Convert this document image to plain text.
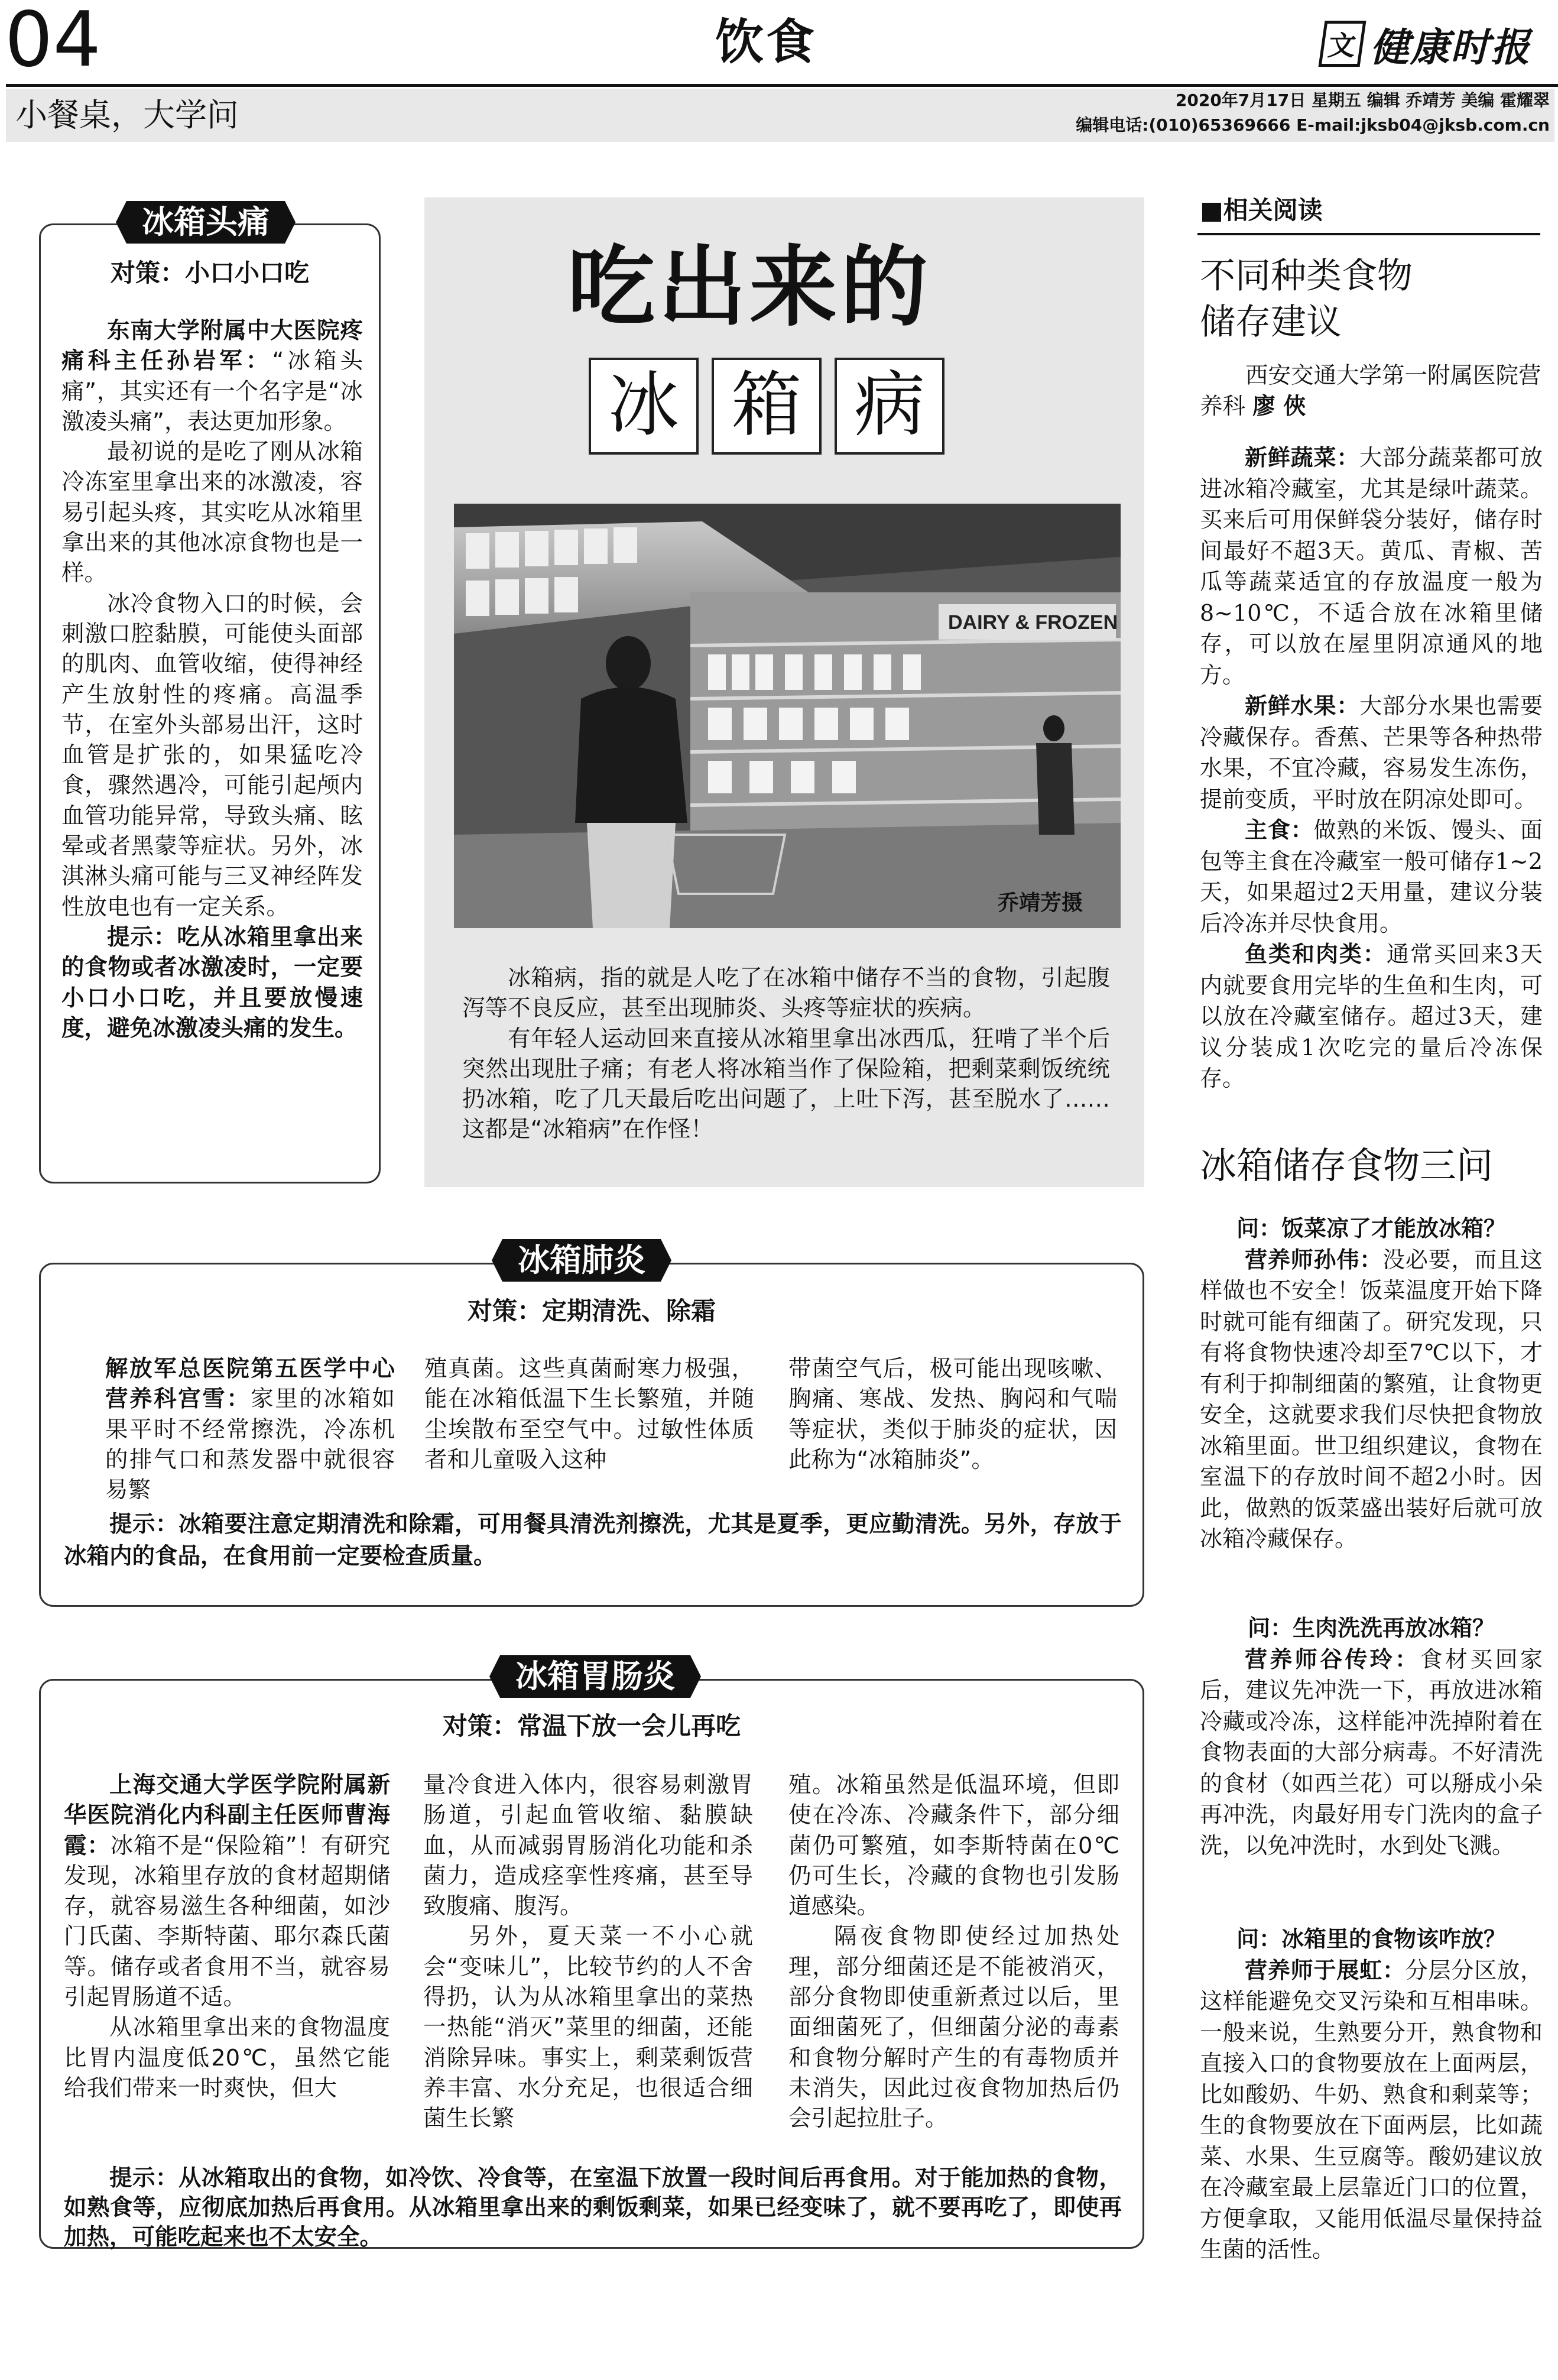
04	饮食	文 健康时报
小餐桌，大学问	2020年7月17日 星期五 编辑 乔靖芳 美编 霍耀翠
编辑电话:(010)65369666 E-mail:jksb04@jksb.com.cn
冰箱头痛
对策：小口小口吃

东南大学附属中大医院疼痛科主任孙岩军：“冰箱头痛”，其实还有一个名字是“冰激凌头痛”，表达更加形象。

最初说的是吃了刚从冰箱冷冻室里拿出来的冰激凌，容易引起头疼，其实吃从冰箱里拿出来的其他冰凉食物也是一样。

冰冷食物入口的时候，会刺激口腔黏膜，可能使头面部的肌肉、血管收缩，使得神经产生放射性的疼痛。高温季节，在室外头部易出汗，这时血管是扩张的，如果猛吃冷食，骤然遇冷，可能引起颅内血管功能异常，导致头痛、眩晕或者黑蒙等症状。另外，冰淇淋头痛可能与三叉神经阵发性放电也有一定关系。

提示：吃从冰箱里拿出来的食物或者冰激凌时，一定要小口小口吃，并且要放慢速度，避免冰激凌头痛的发生。

吃出来的
冰 箱 病
DAIRY & FROZEN
乔靖芳摄

冰箱病，指的就是人吃了在冰箱中储存不当的食物，引起腹泻等不良反应，甚至出现肺炎、头疼等症状的疾病。

有年轻人运动回来直接从冰箱里拿出冰西瓜，狂啃了半个后突然出现肚子痛；有老人将冰箱当作了保险箱，把剩菜剩饭统统扔冰箱，吃了几天最后吃出问题了，上吐下泻，甚至脱水了……这都是“冰箱病”在作怪！

冰箱肺炎
对策：定期清洗、除霜

解放军总医院第五医学中心营养科宫雪：家里的冰箱如果平时不经常擦洗，冷冻机的排气口和蒸发器中就很容易繁

殖真菌。这些真菌耐寒力极强，能在冰箱低温下生长繁殖，并随尘埃散布至空气中。过敏性体质者和儿童吸入这种

带菌空气后，极可能出现咳嗽、胸痛、寒战、发热、胸闷和气喘等症状，类似于肺炎的症状，因此称为“冰箱肺炎”。

提示：冰箱要注意定期清洗和除霜，可用餐具清洗剂擦洗，尤其是夏季，更应勤清洗。另外，存放于冰箱内的食品，在食用前一定要检查质量。
冰箱胃肠炎
对策：常温下放一会儿再吃

上海交通大学医学院附属新华医院消化内科副主任医师曹海霞：冰箱不是“保险箱”！有研究发现，冰箱里存放的食材超期储存，就容易滋生各种细菌，如沙门氏菌、李斯特菌、耶尔森氏菌等。储存或者食用不当，就容易引起胃肠道不适。

从冰箱里拿出来的食物温度比胃内温度低20℃，虽然它能给我们带来一时爽快，但大

量冷食进入体内，很容易刺激胃肠道，引起血管收缩、黏膜缺血，从而减弱胃肠消化功能和杀菌力，造成痉挛性疼痛，甚至导致腹痛、腹泻。

另外，夏天菜一不小心就会“变味儿”，比较节约的人不舍得扔，认为从冰箱里拿出的菜热一热能“消灭”菜里的细菌，还能消除异味。事实上，剩菜剩饭营养丰富、水分充足，也很适合细菌生长繁

殖。冰箱虽然是低温环境，但即使在冷冻、冷藏条件下，部分细菌仍可繁殖，如李斯特菌在0℃仍可生长，冷藏的食物也引发肠道感染。

隔夜食物即使经过加热处理，部分细菌还是不能被消灭，部分食物即使重新煮过以后，里面细菌死了，但细菌分泌的毒素和食物分解时产生的有毒物质并未消失，因此过夜食物加热后仍会引起拉肚子。

提示：从冰箱取出的食物，如冷饮、冷食等，在室温下放置一段时间后再食用。对于能加热的食物，如熟食等，应彻底加热后再食用。从冰箱里拿出来的剩饭剩菜，如果已经变味了，就不要再吃了，即使再加热，可能吃起来也不太安全。
■相关阅读
不同种类食物
储存建议

西安交通大学第一附属医院营养科 廖 俠

新鲜蔬菜：大部分蔬菜都可放进冰箱冷藏室，尤其是绿叶蔬菜。买来后可用保鲜袋分装好，储存时间最好不超3天。黄瓜、青椒、苦瓜等蔬菜适宜的存放温度一般为8~10℃，不适合放在冰箱里储存，可以放在屋里阴凉通风的地方。

新鲜水果：大部分水果也需要冷藏保存。香蕉、芒果等各种热带水果，不宜冷藏，容易发生冻伤，提前变质，平时放在阴凉处即可。

主食：做熟的米饭、馒头、面包等主食在冷藏室一般可储存1~2天，如果超过2天用量，建议分装后冷冻并尽快食用。

鱼类和肉类：通常买回来3天内就要食用完毕的生鱼和生肉，可以放在冷藏室储存。超过3天，建议分装成1次吃完的量后冷冻保存。

冰箱储存食物三问

问：饭菜凉了才能放冰箱？

营养师孙伟：没必要，而且这样做也不安全！饭菜温度开始下降时就可能有细菌了。研究发现，只有将食物快速冷却至7℃以下，才有利于抑制细菌的繁殖，让食物更安全，这就要求我们尽快把食物放冰箱里面。世卫组织建议，食物在室温下的存放时间不超2小时。因此，做熟的饭菜盛出装好后就可放冰箱冷藏保存。

问：生肉洗洗再放冰箱？

营养师谷传玲：食材买回家后，建议先冲洗一下，再放进冰箱冷藏或冷冻，这样能冲洗掉附着在食物表面的大部分病毒。不好清洗的食材（如西兰花）可以掰成小朵再冲洗，肉最好用专门洗肉的盒子洗，以免冲洗时，水到处飞溅。

问：冰箱里的食物该咋放？

营养师于展虹：分层分区放，这样能避免交叉污染和互相串味。一般来说，生熟要分开，熟食物和直接入口的食物要放在上面两层，比如酸奶、牛奶、熟食和剩菜等；生的食物要放在下面两层，比如蔬菜、水果、生豆腐等。酸奶建议放在冷藏室最上层靠近门口的位置，方便拿取，又能用低温尽量保持益生菌的活性。
